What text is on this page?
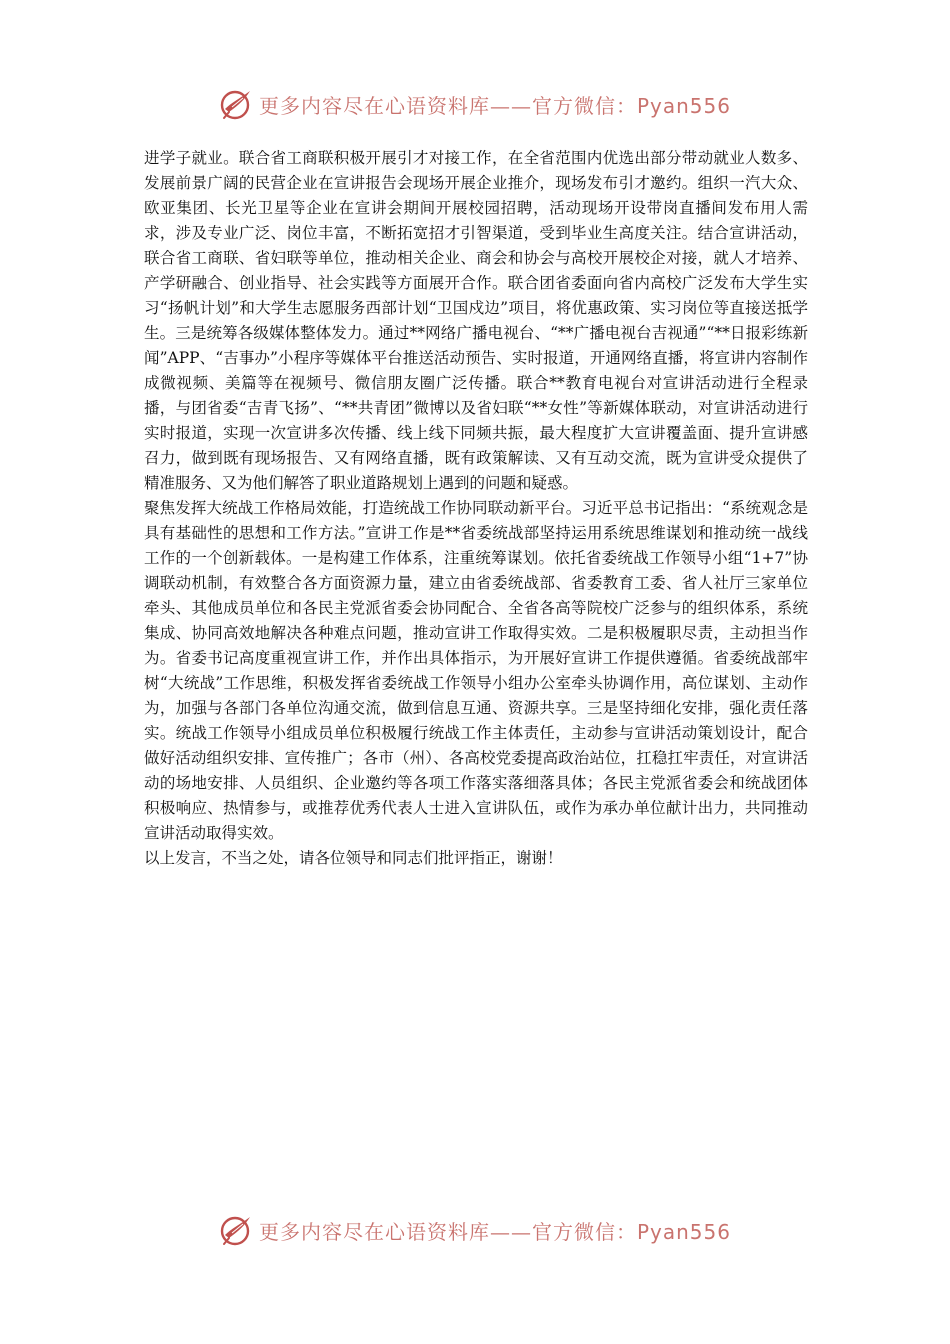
更多内容尽在心语资料库——官方微信：Pyan556

进学子就业。联合省工商联积极开展引才对接工作，在全省范围内优选出部分带动就业人数多、发展前景广阔的民营企业在宣讲报告会现场开展企业推介，现场发布引才邀约。组织一汽大众、欧亚集团、长光卫星等企业在宣讲会期间开展校园招聘，活动现场开设带岗直播间发布用人需求，涉及专业广泛、岗位丰富，不断拓宽招才引智渠道，受到毕业生高度关注。结合宣讲活动，联合省工商联、省妇联等单位，推动相关企业、商会和协会与高校开展校企对接，就人才培养、产学研融合、创业指导、社会实践等方面展开合作。联合团省委面向省内高校广泛发布大学生实习“扬帆计划”和大学生志愿服务西部计划“卫国戍边”项目，将优惠政策、实习岗位等直接送抵学生。三是统筹各级媒体整体发力。通过**网络广播电视台、“**广播电视台吉视通”“**日报彩练新闻”APP、“吉事办”小程序等媒体平台推送活动预告、实时报道，开通网络直播，将宣讲内容制作成微视频、美篇等在视频号、微信朋友圈广泛传播。联合**教育电视台对宣讲活动进行全程录播，与团省委“吉青飞扬”、“**共青团”微博以及省妇联“**女性”等新媒体联动，对宣讲活动进行实时报道，实现一次宣讲多次传播、线上线下同频共振，最大程度扩大宣讲覆盖面、提升宣讲感召力，做到既有现场报告、又有网络直播，既有政策解读、又有互动交流，既为宣讲受众提供了精准服务、又为他们解答了职业道路规划上遇到的问题和疑惑。

聚焦发挥大统战工作格局效能，打造统战工作协同联动新平台。习近平总书记指出：“系统观念是具有基础性的思想和工作方法。”宣讲工作是**省委统战部坚持运用系统思维谋划和推动统一战线工作的一个创新载体。一是构建工作体系，注重统筹谋划。依托省委统战工作领导小组“1+7”协调联动机制，有效整合各方面资源力量，建立由省委统战部、省委教育工委、省人社厅三家单位牵头、其他成员单位和各民主党派省委会协同配合、全省各高等院校广泛参与的组织体系，系统集成、协同高效地解决各种难点问题，推动宣讲工作取得实效。二是积极履职尽责，主动担当作为。省委书记高度重视宣讲工作，并作出具体指示，为开展好宣讲工作提供遵循。省委统战部牢树“大统战”工作思维，积极发挥省委统战工作领导小组办公室牵头协调作用，高位谋划、主动作为，加强与各部门各单位沟通交流，做到信息互通、资源共享。三是坚持细化安排，强化责任落实。统战工作领导小组成员单位积极履行统战工作主体责任，主动参与宣讲活动策划设计，配合做好活动组织安排、宣传推广；各市（州）、各高校党委提高政治站位，扛稳扛牢责任，对宣讲活动的场地安排、人员组织、企业邀约等各项工作落实落细落具体；各民主党派省委会和统战团体积极响应、热情参与，或推荐优秀代表人士进入宣讲队伍，或作为承办单位献计出力，共同推动宣讲活动取得实效。

以上发言，不当之处，请各位领导和同志们批评指正，谢谢！

更多内容尽在心语资料库——官方微信：Pyan556
